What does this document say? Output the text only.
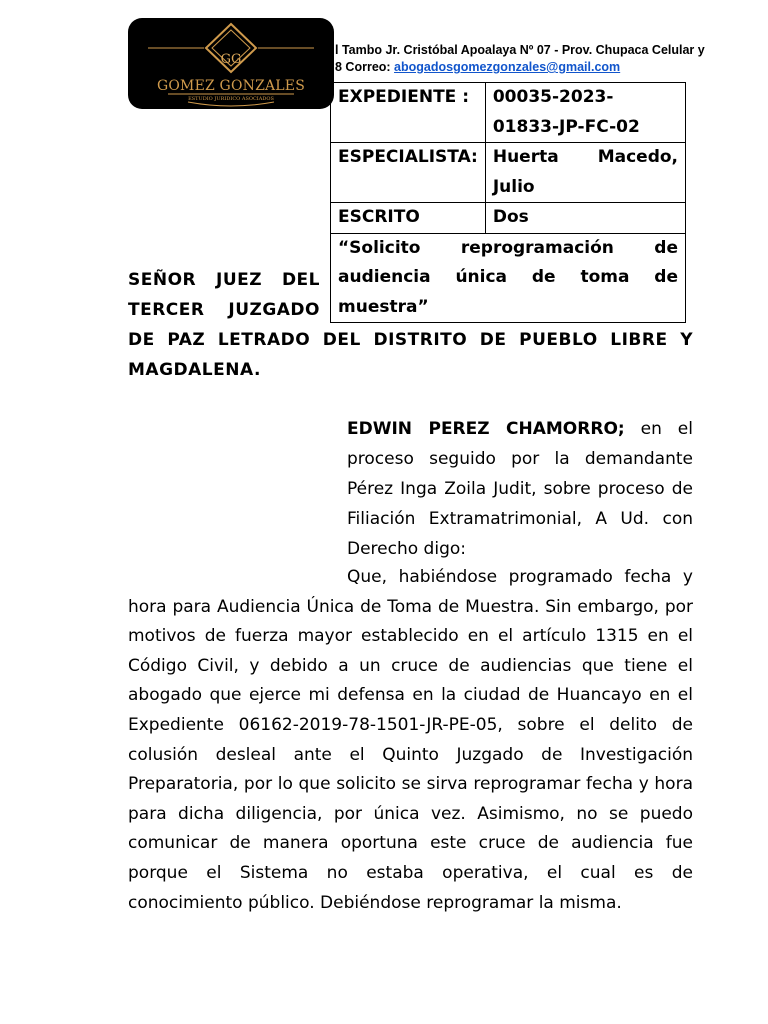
GG
GOMEZ GONZALES
ESTUDIO JURIDICO ASOCIADOS
l Tambo Jr. Cristóbal Apoalaya Nº 07 - Prov. Chupaca Celular y
8 Correo: abogadosgomezgonzales@gmail.com
EXPEDIENTE :	00035-2023-01833-JP-FC-02
ESPECIALISTA:	Huerta Macedo, Julio
ESCRITO	Dos
“Solicito reprogramación de audiencia única de toma de muestra”	
SEÑOR JUEZ DEL TERCER JUZGADO
DE PAZ LETRADO DEL DISTRITO DE PUEBLO LIBRE Y MAGDALENA.
EDWIN PEREZ CHAMORRO; en el proceso seguido por la demandante Pérez Inga Zoila Judit, sobre proceso de Filiación Extramatrimonial, A Ud. con Derecho digo:
Que, habiéndose programado fecha y hora para Audiencia Única de Toma de Muestra. Sin embargo, por motivos de fuerza mayor establecido en el artículo 1315 en el Código Civil, y debido a un cruce de audiencias que tiene el abogado que ejerce mi defensa en la ciudad de Huancayo en el Expediente 06162-2019-78-1501-JR-PE-05, sobre el delito de colusión desleal ante el Quinto Juzgado de Investigación Preparatoria, por lo que solicito se sirva reprogramar fecha y hora para dicha diligencia, por única vez. Asimismo, no se puedo comunicar de manera oportuna este cruce de audiencia fue porque el Sistema no estaba operativa, el cual es de conocimiento público. Debiéndose reprogramar la misma.
